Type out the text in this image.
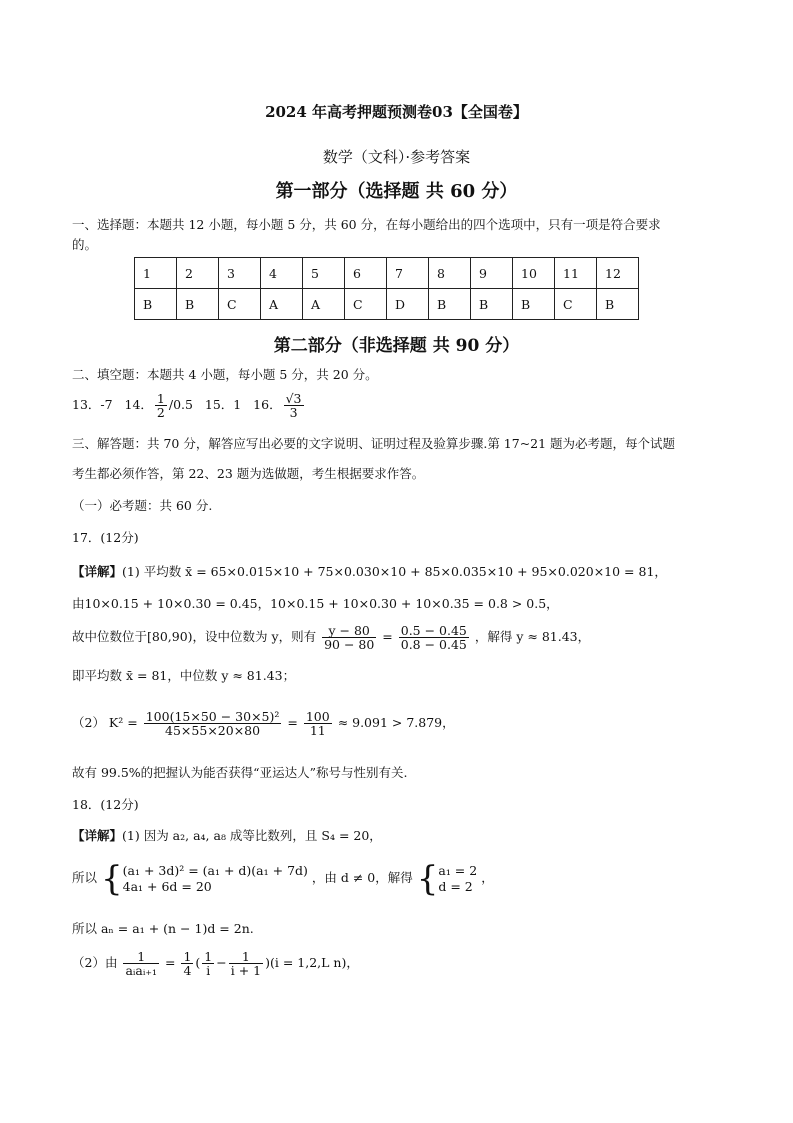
2024 年高考押题预测卷03【全国卷】
数学（文科）·参考答案
第一部分（选择题 共 60 分）
一、选择题：本题共 12 小题，每小题 5 分，共 60 分，在每小题给出的四个选项中，只有一项是符合要求
的。
1	2	3	4	5	6	7	8	9	10	11	12
B	B	C	A	A	C	D	B	B	B	C	B
第二部分（非选择题 共 90 分）
二、填空题：本题共 4 小题，每小题 5 分，共 20 分。
13．-7 14． $\frac{1}{2} /0.5$ 15．1 16． $\frac{√3}{3}$
三、解答题：共 70 分，解答应写出必要的文字说明、证明过程及验算步骤.第 17~21 题为必考题，每个试题
考生都必须作答，第 22、23 题为选做题，考生根据要求作答。
（一）必考题：共 60 分.
17．(12分)
【详解】(1) 平均数 x̄ = 65×0.015×10 + 75×0.030×10 + 85×0.035×10 + 95×0.020×10 = 81，
由10×0.15 + 10×0.30 = 0.45，10×0.15 + 10×0.30 + 10×0.35 = 0.8 > 0.5，
故中位数位于[80,90)，设中位数为 y，则有 $\frac{y - 80}{90 - 80} = \frac{0.5 - 0.45}{0.8 - 0.45}$ ，解得 y ≈ 81.43，
即平均数 x̄ = 81，中位数 y ≈ 81.43；
（2） $K^2 = \frac{\text{100(15×50 − 30×5)²}}{45\times 55\times 20\times 80} = \frac{100}{11} \approx 9.091 > 7.879$，
故有 99.5%的把握认为能否获得“亚运达人”称号与性别有关.
18．(12分)
【详解】(1) 因为 a₂, a₄, a₈ 成等比数列，且 S₄ = 20，
所以 { (a₁ + 3d)² = (a₁ + d)(a₁ + 7d)
4a₁ + 6d = 20
，由 d ≠ 0，解得 { a₁ = 2
d = 2
，
所以 aₙ = a₁ + (n − 1)d = 2n.
（2）由 $\frac{1}{\text{aᵢaᵢ₊₁}} = \frac{1}{4}$ ( $\frac{1}{i} - \frac{1}{i + 1} )(i = 1,2,L$ n)，
